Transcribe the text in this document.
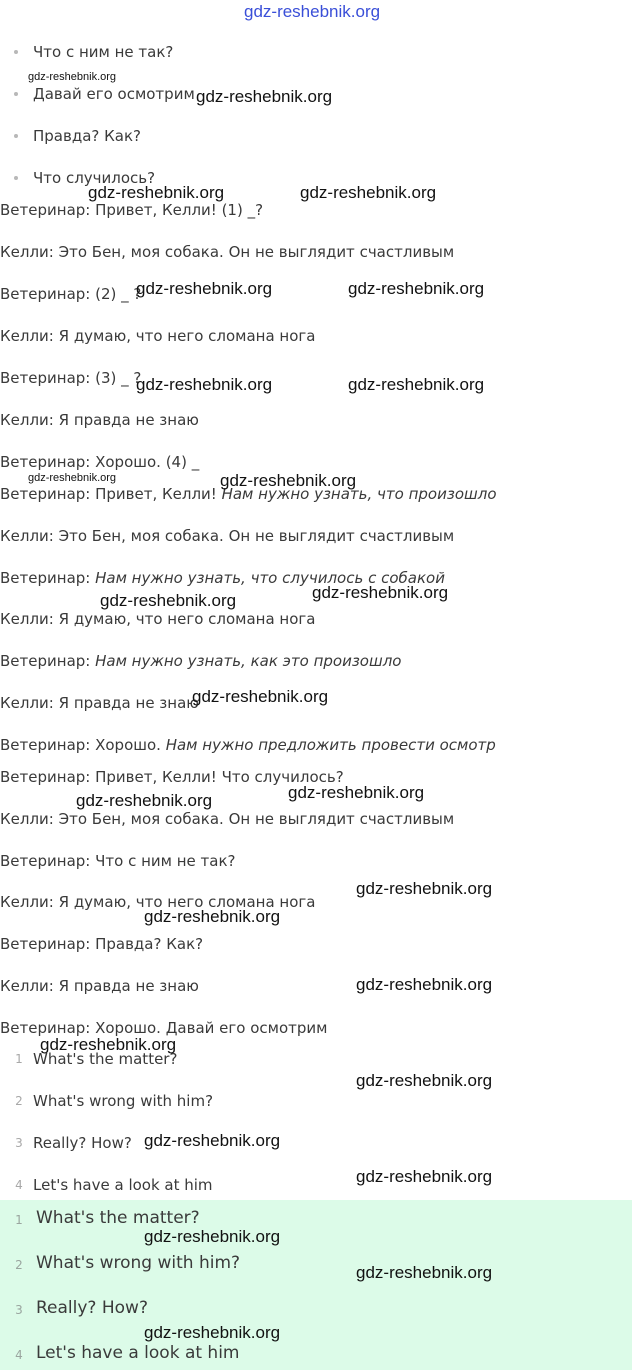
gdz-reshebnik.org
Что с ним не так?
Давай его осмотрим
Правда? Как?
Что случилось?
Ветеринар: Привет, Келли! (1) _?
Келли: Это Бен, моя собака. Он не выглядит счастливым
Ветеринар: (2) _ ?
Келли: Я думаю, что него сломана нога
Ветеринар: (3) _ ?
Келли: Я правда не знаю
Ветеринар: Хорошо. (4) _
Ветеринар: Привет, Келли! Нам нужно узнать, что произошло
Келли: Это Бен, моя собака. Он не выглядит счастливым
Ветеринар: Нам нужно узнать, что случилось с собакой
Келли: Я думаю, что него сломана нога
Ветеринар: Нам нужно узнать, как это произошло
Келли: Я правда не знаю
Ветеринар: Хорошо. Нам нужно предложить провести осмотр
Ветеринар: Привет, Келли! Что случилось?
Келли: Это Бен, моя собака. Он не выглядит счастливым
Ветеринар: Что с ним не так?
Келли: Я думаю, что него сломана нога
Ветеринар: Правда? Как?
Келли: Я правда не знаю
Ветеринар: Хорошо. Давай его осмотрим
1 What's the matter?
2 What's wrong with him?
3 Really? How?
4 Let's have a look at him
1 What's the matter?
2 What's wrong with him?
3 Really? How?
4 Let's have a look at him
gdz-reshebnik.org
gdz-reshebnik.org
gdz-reshebnik.org	gdz-reshebnik.org
gdz-reshebnik.org	gdz-reshebnik.org
gdz-reshebnik.org	gdz-reshebnik.org
gdz-reshebnik.org	gdz-reshebnik.org
gdz-reshebnik.org
gdz-reshebnik.org
gdz-reshebnik.org
gdz-reshebnik.org
gdz-reshebnik.org
gdz-reshebnik.org
gdz-reshebnik.org
gdz-reshebnik.org
gdz-reshebnik.org
gdz-reshebnik.org
gdz-reshebnik.org
gdz-reshebnik.org
gdz-reshebnik.org
gdz-reshebnik.org
gdz-reshebnik.org
